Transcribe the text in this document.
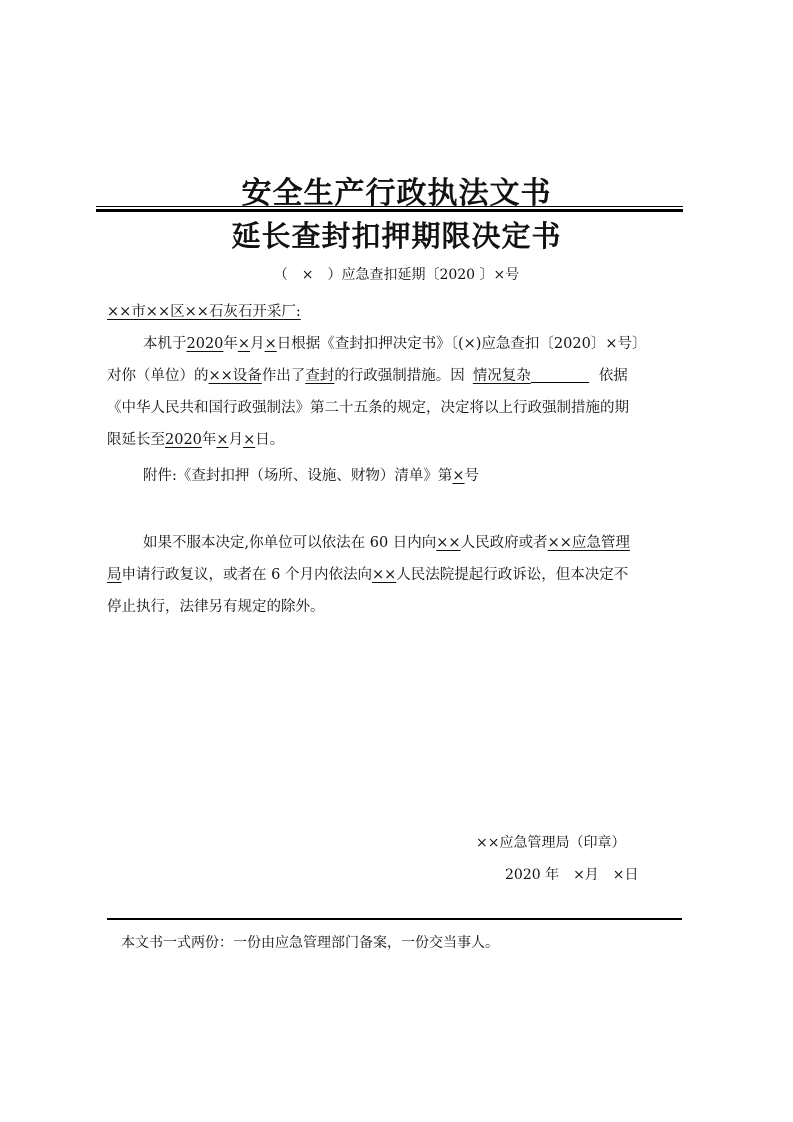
安全生产行政执法文书
延长查封扣押期限决定书
（　×　）应急查扣延期〔2020 〕×号
××市××区××石灰石开采厂:
本机于2020年×月×日根据《查封扣押决定书》〔(×)应急查扣〔2020〕×号〕
对你（单位）的××设备作出了查封的行政强制措施。因 情况复杂	依据
《中华人民共和国行政强制法》第二十五条的规定，决定将以上行政强制措施的期
限延长至2020年×月×日。
附件:《查封扣押（场所、设施、财物）清单》第×号
如果不服本决定,你单位可以依法在 60 日内向××人民政府或者××应急管理
局申请行政复议，或者在 6 个月内依法向××人民法院提起行政诉讼，但本决定不
停止执行，法律另有规定的除外。
××应急管理局（印章）
2020 年　×月　×日
本文书一式两份：一份由应急管理部门备案，一份交当事人。
